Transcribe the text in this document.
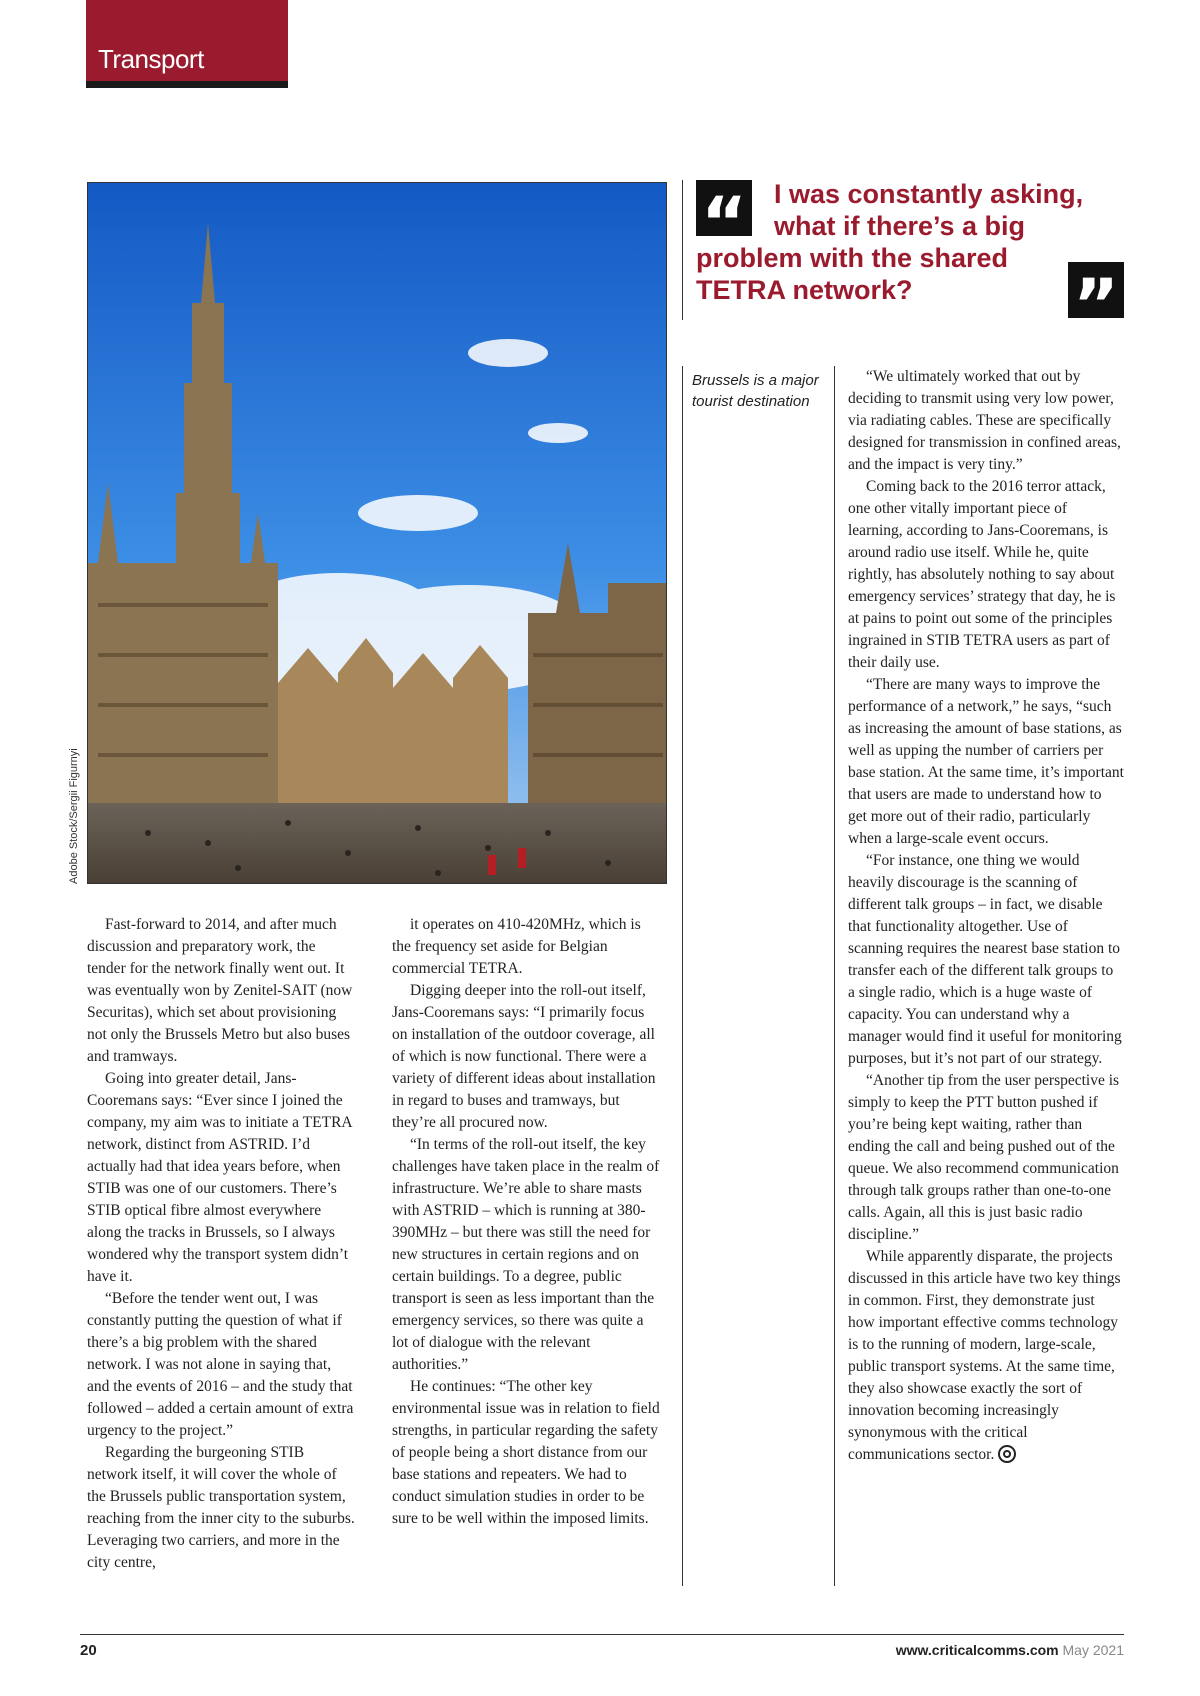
Transport
Adobe Stock/Sergii Figurnyi
“	I was constantly asking,
what if there’s a big
problem with the shared
TETRA network?	”
Brussels is a major tourist destination

Fast-forward to 2014, and after much discussion and preparatory work, the tender for the network finally went out. It was eventually won by Zenitel-SAIT (now Securitas), which set about provisioning not only the Brussels Metro but also buses and tramways.

Going into greater detail, Jans-Cooremans says: “Ever since I joined the company, my aim was to initiate a TETRA network, distinct from ASTRID. I’d actually had that idea years before, when STIB was one of our customers. There’s STIB optical fibre almost everywhere along the tracks in Brussels, so I always wondered why the transport system didn’t have it.

“Before the tender went out, I was constantly putting the question of what if there’s a big problem with the shared network. I was not alone in saying that, and the events of 2016 – and the study that followed – added a certain amount of extra urgency to the project.”

Regarding the burgeoning STIB network itself, it will cover the whole of the Brussels public transportation system, reaching from the inner city to the suburbs. Leveraging two carriers, and more in the city centre,

it operates on 410-420MHz, which is the frequency set aside for Belgian commercial TETRA.

Digging deeper into the roll-out itself, Jans-Cooremans says: “I primarily focus on installation of the outdoor coverage, all of which is now functional. There were a variety of different ideas about installation in regard to buses and tramways, but they’re all procured now.

“In terms of the roll-out itself, the key challenges have taken place in the realm of infrastructure. We’re able to share masts with ASTRID – which is running at 380-390MHz – but there was still the need for new structures in certain regions and on certain buildings. To a degree, public transport is seen as less important than the emergency services, so there was quite a lot of dialogue with the relevant authorities.”

He continues: “The other key environmental issue was in relation to field strengths, in particular regarding the safety of people being a short distance from our base stations and repeaters. We had to conduct simulation studies in order to be sure to be well within the imposed limits.

“We ultimately worked that out by deciding to transmit using very low power, via radiating cables. These are specifically designed for transmission in confined areas, and the impact is very tiny.”

Coming back to the 2016 terror attack, one other vitally important piece of learning, according to Jans-Cooremans, is around radio use itself. While he, quite rightly, has absolutely nothing to say about emergency services’ strategy that day, he is at pains to point out some of the principles ingrained in STIB TETRA users as part of their daily use.

“There are many ways to improve the performance of a network,” he says, “such as increasing the amount of base stations, as well as upping the number of carriers per base station. At the same time, it’s important that users are made to understand how to get more out of their radio, particularly when a large-scale event occurs.

“For instance, one thing we would heavily discourage is the scanning of different talk groups – in fact, we disable that functionality altogether. Use of scanning requires the nearest base station to transfer each of the different talk groups to a single radio, which is a huge waste of capacity. You can understand why a manager would find it useful for monitoring purposes, but it’s not part of our strategy.

“Another tip from the user perspective is simply to keep the PTT button pushed if you’re being kept waiting, rather than ending the call and being pushed out of the queue. We also recommend communication through talk groups rather than one-to-one calls. Again, all this is just basic radio discipline.”

While apparently disparate, the projects discussed in this article have two key things in common. First, they demonstrate just how important effective comms technology is to the running of modern, large-scale, public transport systems. At the same time, they also showcase exactly the sort of innovation becoming increasingly synonymous with the critical communications sector.

20	www.criticalcomms.com May 2021
